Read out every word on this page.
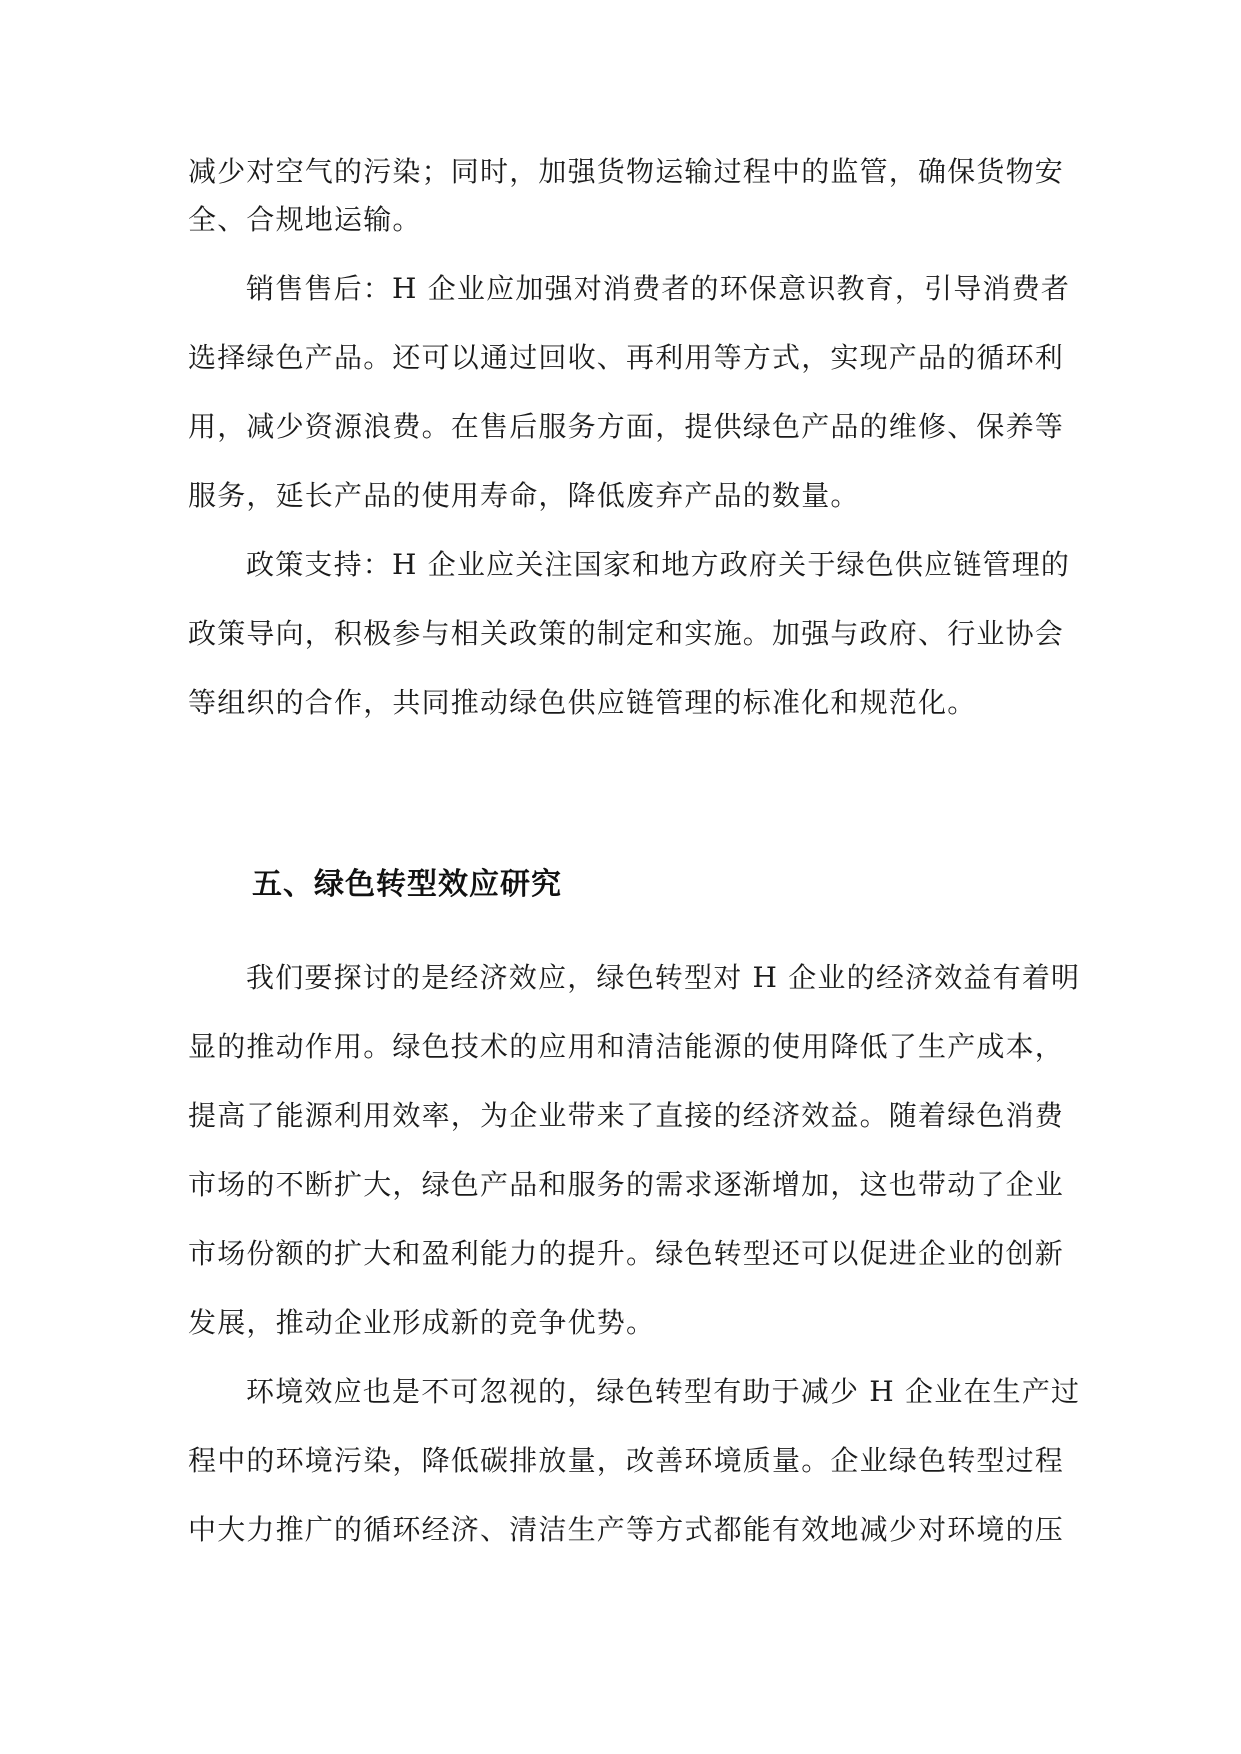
减少对空气的污染；同时，加强货物运输过程中的监管，确保货物安
全、合规地运输。
销售售后：H 企业应加强对消费者的环保意识教育，引导消费者
选择绿色产品。还可以通过回收、再利用等方式，实现产品的循环利
用，减少资源浪费。在售后服务方面，提供绿色产品的维修、保养等
服务，延长产品的使用寿命，降低废弃产品的数量。
政策支持：H 企业应关注国家和地方政府关于绿色供应链管理的
政策导向，积极参与相关政策的制定和实施。加强与政府、行业协会
等组织的合作，共同推动绿色供应链管理的标准化和规范化。
五、绿色转型效应研究
我们要探讨的是经济效应，绿色转型对 H 企业的经济效益有着明
显的推动作用。绿色技术的应用和清洁能源的使用降低了生产成本，
提高了能源利用效率，为企业带来了直接的经济效益。随着绿色消费
市场的不断扩大，绿色产品和服务的需求逐渐增加，这也带动了企业
市场份额的扩大和盈利能力的提升。绿色转型还可以促进企业的创新
发展，推动企业形成新的竞争优势。
环境效应也是不可忽视的，绿色转型有助于减少 H 企业在生产过
程中的环境污染，降低碳排放量，改善环境质量。企业绿色转型过程
中大力推广的循环经济、清洁生产等方式都能有效地减少对环境的压
